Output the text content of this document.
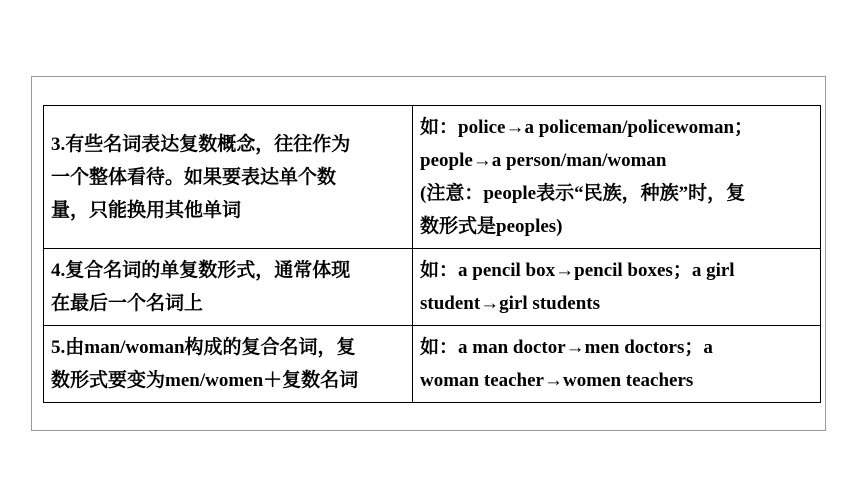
3.有些名词表达复数概念，往往作为
一个整体看待。如果要表达单个数
量，只能换用其他单词	如：police→a policeman/policewoman；
people→a person/man/woman
(注意：people表示“民族，种族”时，复
数形式是peoples)

4.复合名词的单复数形式，通常体现
在最后一个名词上	如：a pencil box→pencil boxes；a girl
student→girl students

5.由man/woman构成的复合名词，复
数形式要变为men/women＋复数名词	如：a man doctor→men doctors；a
woman teacher→women teachers
